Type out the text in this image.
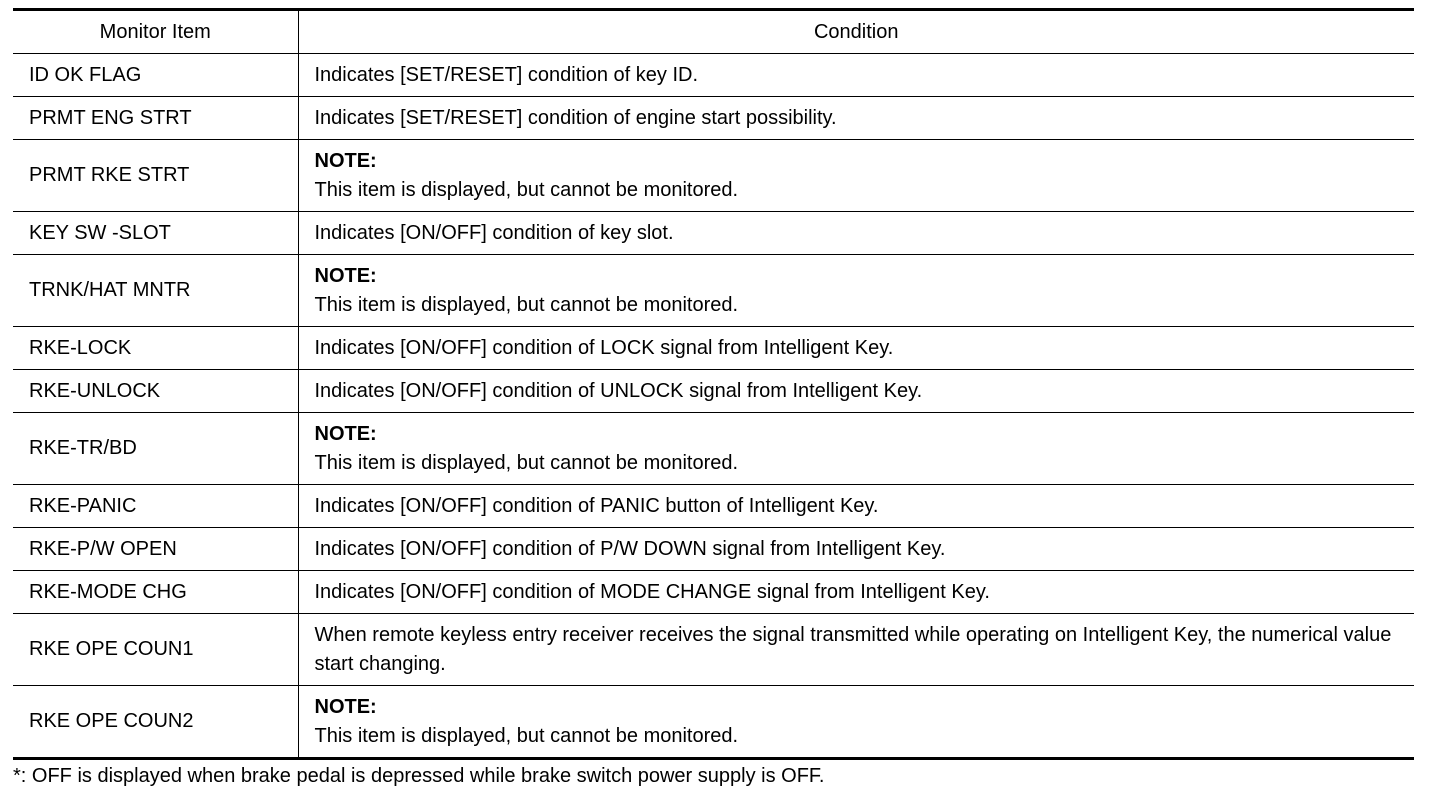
Monitor Item	Condition
ID OK FLAG	Indicates [SET/RESET] condition of key ID.
PRMT ENG STRT	Indicates [SET/RESET] condition of engine start possibility.
PRMT RKE STRT	NOTE:
This item is displayed, but cannot be monitored.

KEY SW -SLOT	Indicates [ON/OFF] condition of key slot.
TRNK/HAT MNTR	NOTE:
This item is displayed, but cannot be monitored.

RKE-LOCK	Indicates [ON/OFF] condition of LOCK signal from Intelligent Key.
RKE-UNLOCK	Indicates [ON/OFF] condition of UNLOCK signal from Intelligent Key.
RKE-TR/BD	NOTE:
This item is displayed, but cannot be monitored.

RKE-PANIC	Indicates [ON/OFF] condition of PANIC button of Intelligent Key.
RKE-P/W OPEN	Indicates [ON/OFF] condition of P/W DOWN signal from Intelligent Key.
RKE-MODE CHG	Indicates [ON/OFF] condition of MODE CHANGE signal from Intelligent Key.
RKE OPE COUN1	When remote keyless entry receiver receives the signal transmitted while operating on Intelligent Key, the numerical value start changing.
RKE OPE COUN2	NOTE:
This item is displayed, but cannot be monitored.
*: OFF is displayed when brake pedal is depressed while brake switch power supply is OFF.
